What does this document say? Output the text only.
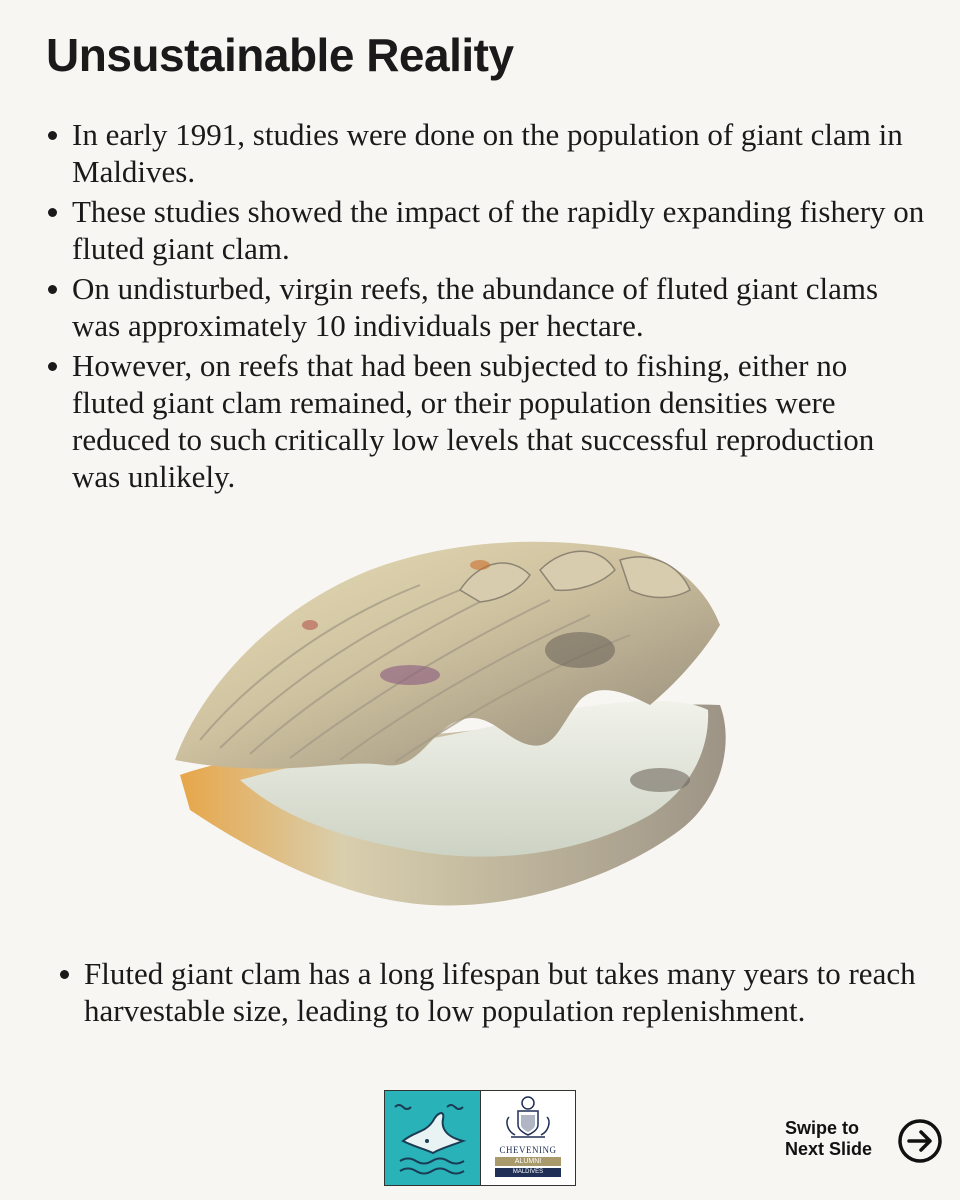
Unsustainable Reality
In early 1991, studies were done on the population of giant clam in Maldives.
These studies showed the impact of the rapidly expanding fishery on fluted giant clam.
On undisturbed, virgin reefs, the abundance of fluted giant clams was approximately 10 individuals per hectare.
However, on reefs that had been subjected to fishing, either no fluted giant clam remained, or their population densities were reduced to such critically low levels that successful reproduction was unlikely.
Fluted giant clam has a long lifespan but takes many years to reach harvestable size, leading to low population replenishment.
CHEVENING
ALUMNI
MALDIVES
Swipe to
Next Slide
